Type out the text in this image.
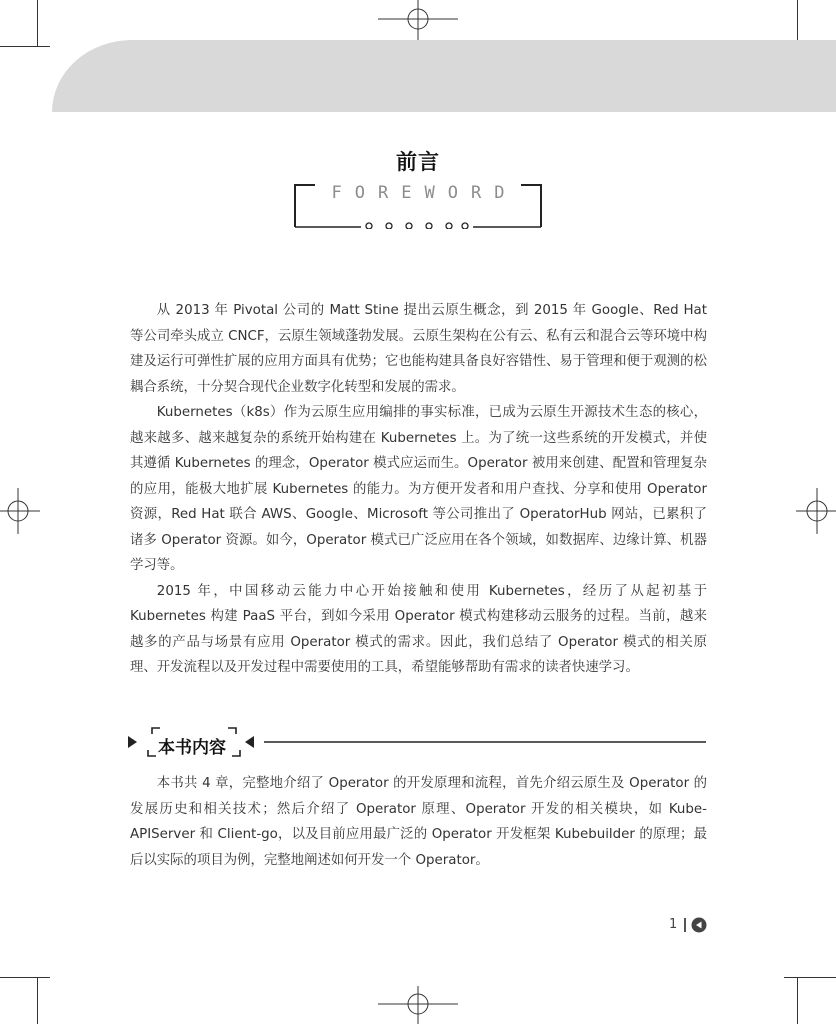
前言
FOREWORD

从 2013 年 Pivotal 公司的 Matt Stine 提出云原生概念，到 2015 年 Google、Red Hat 等公司牵头成立 CNCF，云原生领域蓬勃发展。云原生架构在公有云、私有云和混合云等环境中构建及运行可弹性扩展的应用方面具有优势；它也能构建具备良好容错性、易于管理和便于观测的松耦合系统，十分契合现代企业数字化转型和发展的需求。

Kubernetes（k8s）作为云原生应用编排的事实标准，已成为云原生开源技术生态的核心，越来越多、越来越复杂的系统开始构建在 Kubernetes 上。为了统一这些系统的开发模式，并使其遵循 Kubernetes 的理念，Operator 模式应运而生。Operator 被用来创建、配置和管理复杂的应用，能极大地扩展 Kubernetes 的能力。为方便开发者和用户查找、分享和使用 Operator 资源，Red Hat 联合 AWS、Google、Microsoft 等公司推出了 OperatorHub 网站，已累积了诸多 Operator 资源。如今，Operator 模式已广泛应用在各个领域，如数据库、边缘计算、机器学习等。

2015 年，中国移动云能力中心开始接触和使用 Kubernetes，经历了从起初基于 Kubernetes 构建 PaaS 平台，到如今采用 Operator 模式构建移动云服务的过程。当前，越来越多的产品与场景有应用 Operator 模式的需求。因此，我们总结了 Operator 模式的相关原理、开发流程以及开发过程中需要使用的工具，希望能够帮助有需求的读者快速学习。

本书内容

本书共 4 章，完整地介绍了 Operator 的开发原理和流程，首先介绍云原生及 Operator 的发展历史和相关技术；然后介绍了 Operator 原理、Operator 开发的相关模块，如 Kube-APIServer 和 Client-go，以及目前应用最广泛的 Operator 开发框架 Kubebuilder 的原理；最后以实际的项目为例，完整地阐述如何开发一个 Operator。

1
